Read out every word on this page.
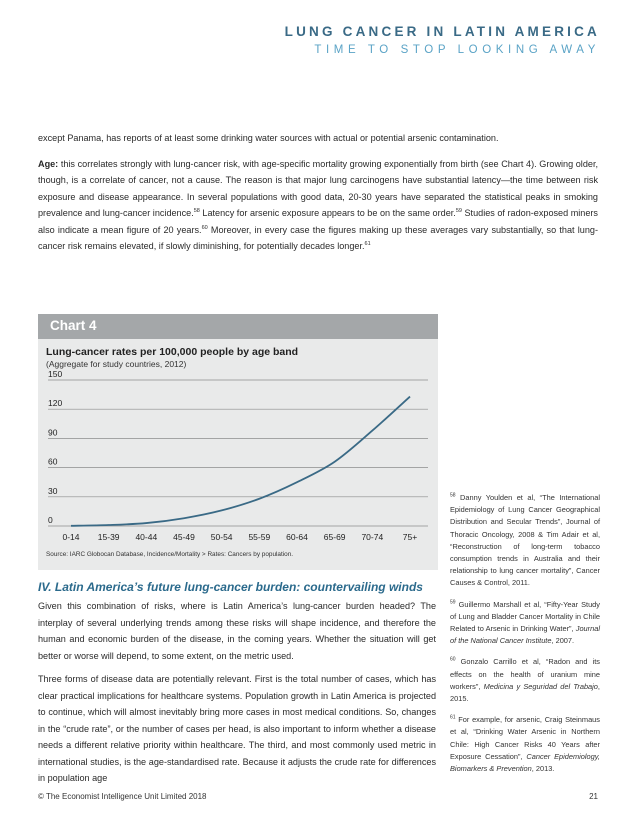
LUNG CANCER IN LATIN AMERICA
TIME TO STOP LOOKING AWAY

except Panama, has reports of at least some drinking water sources with actual or potential arsenic contamination.

Age: this correlates strongly with lung-cancer risk, with age-specific mortality growing exponentially from birth (see Chart 4). Growing older, though, is a correlate of cancer, not a cause. The reason is that major lung carcinogens have substantial latency—the time between risk exposure and disease appearance. In several populations with good data, 20-30 years have separated the statistical peaks in smoking prevalence and lung-cancer incidence.$^{58}$ Latency for arsenic exposure appears to be on the same order.$^{59}$ Studies of radon-exposed miners also indicate a mean figure of 20 years.$^{60}$ Moreover, in every case the figures making up these averages vary substantially, so that lung-cancer risk remains elevated, if slowly diminishing, for potentially decades longer.$^{61}$

0
30
60
90
120
150
0-14 15-39 40-44 45-49 50-54 55-59 60-64 65-69 70-74 75+
Chart 4
Lung-cancer rates per 100,000 people by age band
(Aggregate for study countries, 2012)
Source: IARC Globocan Database, Incidence/Mortality > Rates: Cancers by population.
IV. Latin America’s future lung-cancer burden: countervailing winds

Given this combination of risks, where is Latin America’s lung-cancer burden headed? The interplay of several underlying trends among these risks will shape incidence, and therefore the human and economic burden of the disease, in the coming years. Whether the situation will get better or worse will depend, to some extent, on the metric used.

Three forms of disease data are potentially relevant. First is the total number of cases, which has clear practical implications for healthcare systems. Population growth in Latin America is projected to continue, which will almost inevitably bring more cases in most medical conditions. So, changes in the “crude rate”, or the number of cases per head, is also important to inform whether a disease needs a different relative priority within healthcare. The third, and most commonly used metric in international studies, is the age-standardised rate. Because it adjusts the crude rate for differences in population age

$^{58}$ Danny Youlden et al, “The International Epidemiology of Lung Cancer Geographical Distribution and Secular Trends”, Journal of Thoracic Oncology, 2008 & Tim Adair et al, “Reconstruction of long-term tobacco consumption trends in Australia and their relationship to lung cancer mortality”, Cancer Causes & Control, 2011.

$^{59}$ Guillermo Marshall et al, “Fifty-Year Study of Lung and Bladder Cancer Mortality in Chile Related to Arsenic in Drinking Water”, Journal of the National Cancer Institute, 2007.

$^{60}$ Gonzalo Carrillo et al, “Radon and its effects on the health of uranium mine workers”, Medicina y Seguridad del Trabajo, 2015.

$^{61}$ For example, for arsenic, Craig Steinmaus et al, “Drinking Water Arsenic in Northern Chile: High Cancer Risks 40 Years after Exposure Cessation”, Cancer Epidemiology, Biomarkers & Prevention, 2013.

© The Economist Intelligence Unit Limited 2018	21
